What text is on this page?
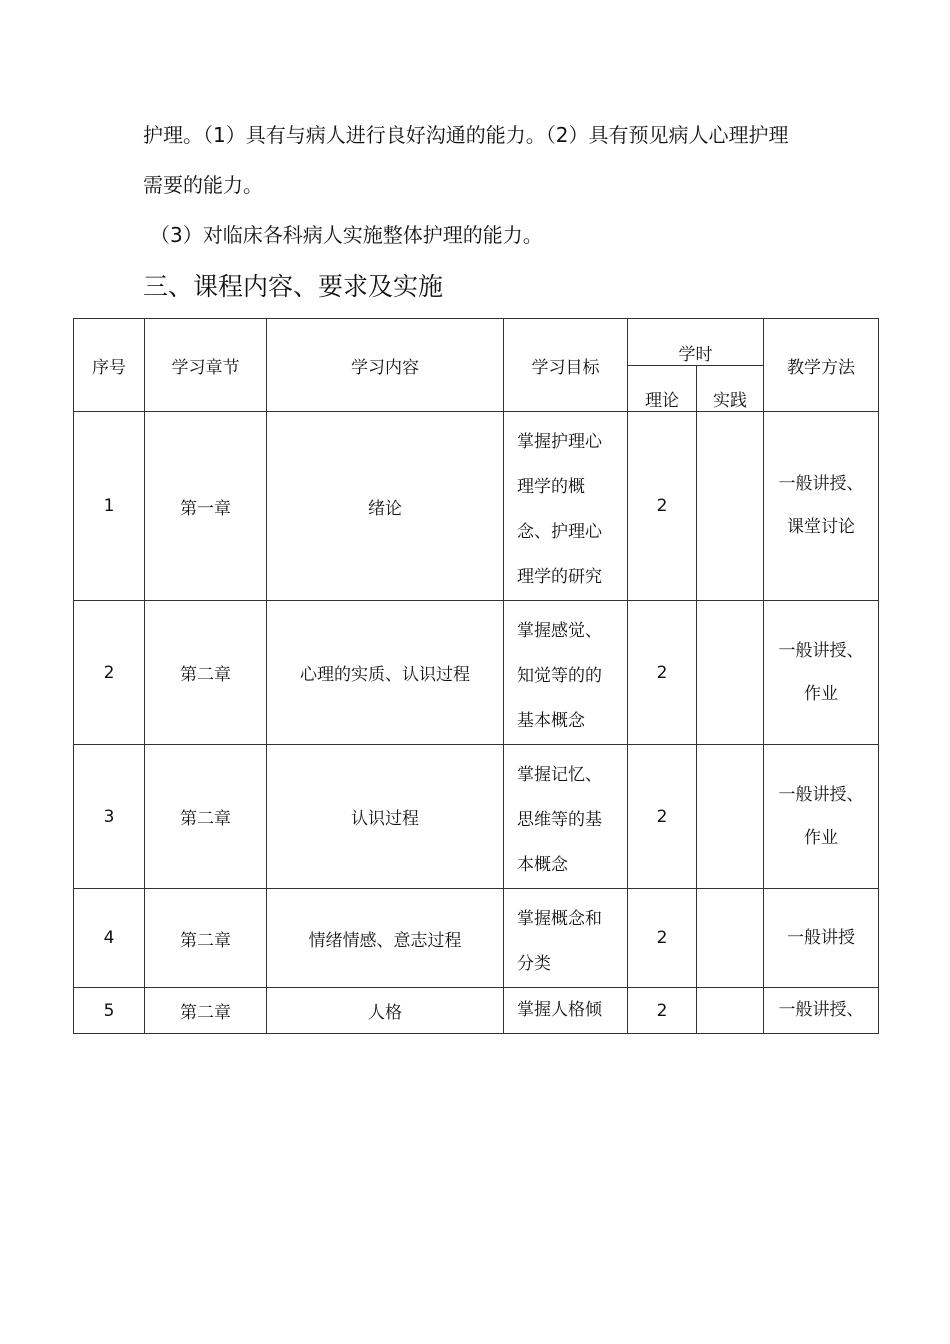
护理。（1）具有与病人进行良好沟通的能力。（2）具有预见病人心理护理
需要的能力。
（3）对临床各科病人实施整体护理的能力。
三、课程内容、要求及实施
序号	学习章节	学习内容	学习目标	学时		教学方法
				理论	实践	
1	第一章	绪论	掌握护理心
理学的概
念、护理心
理学的研究	2		一般讲授、
课堂讨论
2	第二章	心理的实质、认识过程	掌握感觉、
知觉等的的
基本概念	2		一般讲授、
作业
3	第二章	认识过程	掌握记忆、
思维等的基
本概念	2		一般讲授、
作业
4	第二章	情绪情感、意志过程	掌握概念和
分类	2		一般讲授
5	第二章	人格	掌握人格倾	2		一般讲授、
